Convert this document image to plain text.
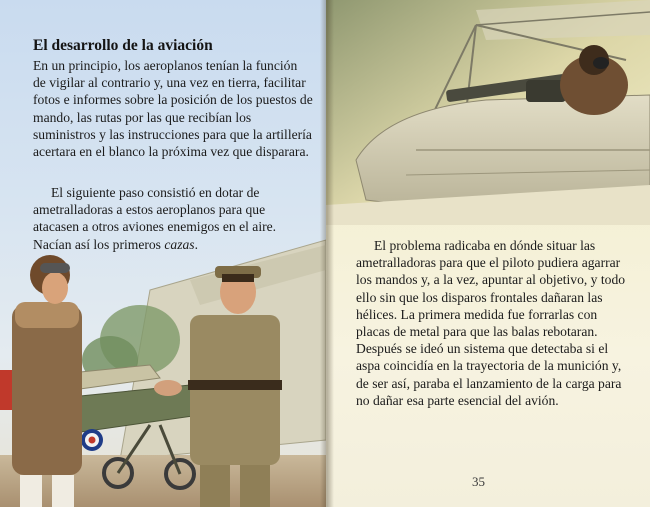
El desarrollo de la aviación

En un principio, los aeroplanos tenían la función de vigilar al contrario y, una vez en tierra, facilitar fotos e informes sobre la posición de los puestos de mando, las rutas por las que recibían los suministros y las instrucciones para que la artillería acertara en el blanco la próxima vez que disparara.

El siguiente paso consistió en dotar de ametralladoras a estos aeroplanos para que atacasen a otros aviones enemigos en el aire. Nacían así los primeros cazas.	El problema radicaba en dónde situar las ametralladoras para que el piloto pudiera agarrar los mandos y, a la vez, apuntar al objetivo, y todo ello sin que los disparos frontales dañaran las hélices. La primera medida fue forrarlas con placas de metal para que las balas rebotaran. Después se ideó un sistema que detectaba si el aspa coincidía en la trayectoria de la munición y, de ser así, paraba el lanzamiento de la carga para no dañar esa parte esencial del avión.

35
